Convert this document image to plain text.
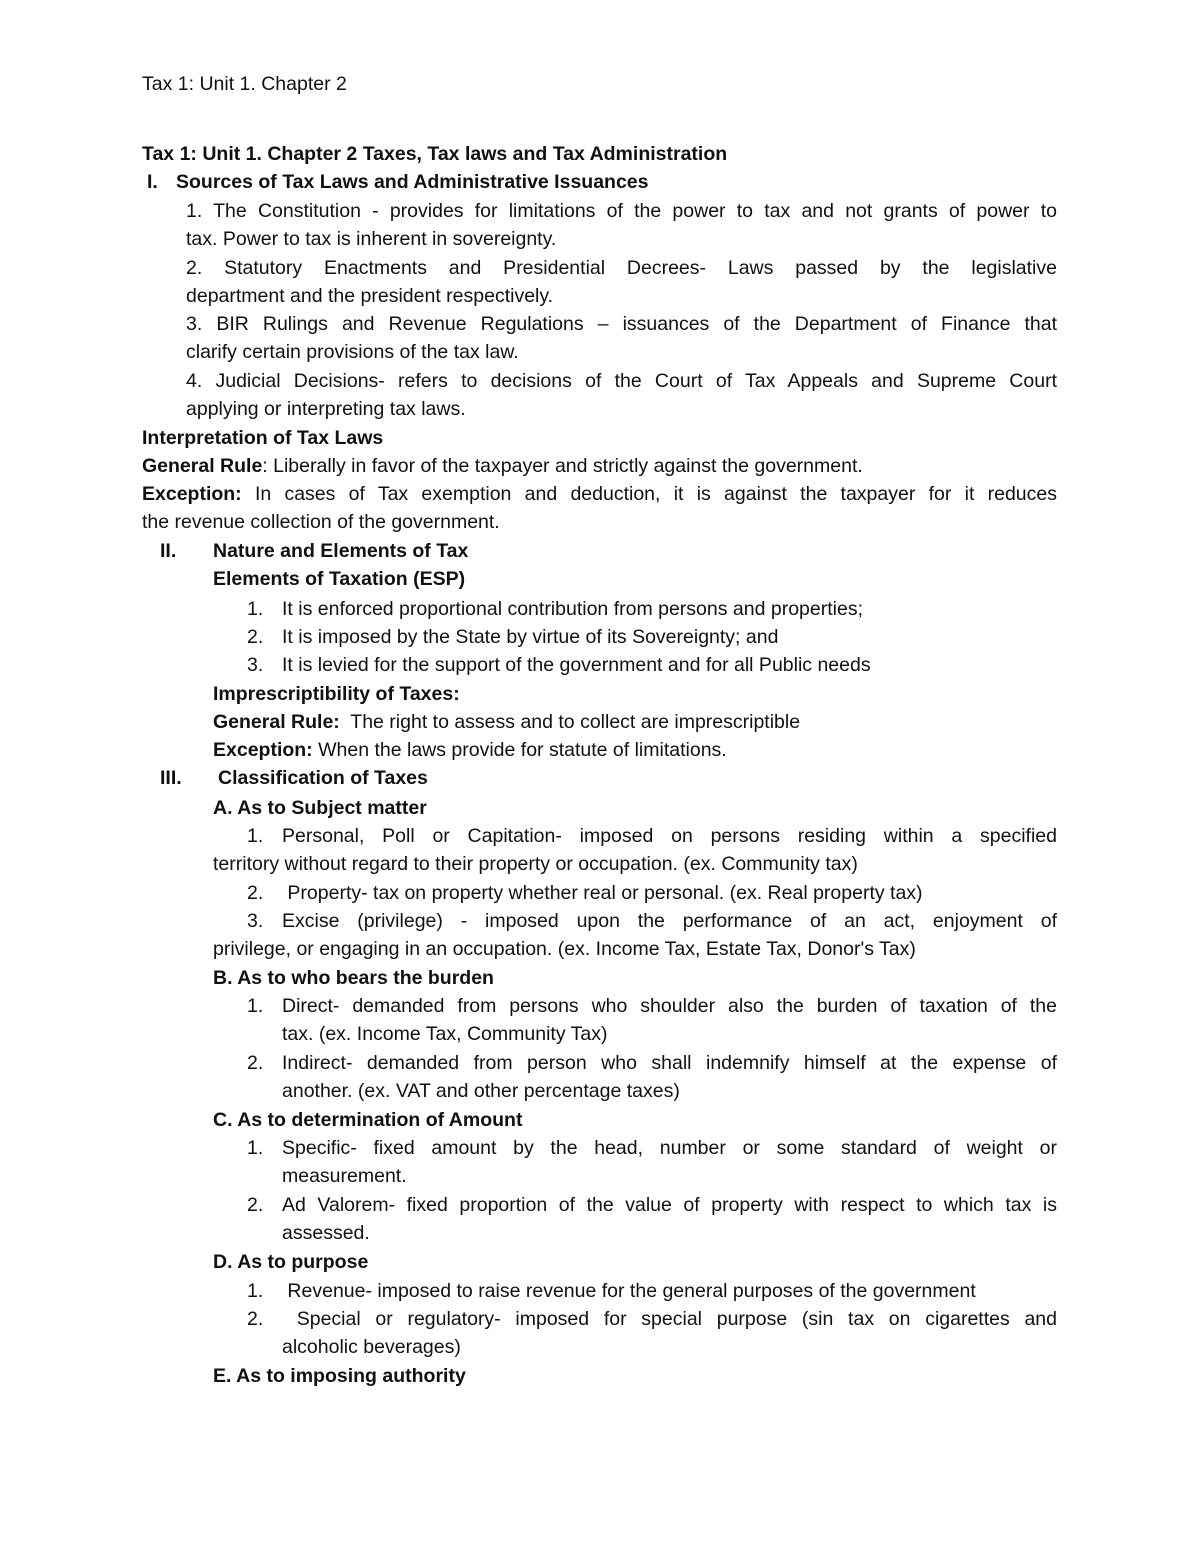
Tax 1: Unit 1. Chapter 2
Tax 1: Unit 1. Chapter 2 Taxes, Tax laws and Tax Administration
I. Sources of Tax Laws and Administrative Issuances
1. The Constitution - provides for limitations of the power to tax and not grants of power to
tax. Power to tax is inherent in sovereignty.
2. Statutory Enactments and Presidential Decrees- Laws passed by the legislative
department and the president respectively.
3. BIR Rulings and Revenue Regulations – issuances of the Department of Finance that
clarify certain provisions of the tax law.
4. Judicial Decisions- refers to decisions of the Court of Tax Appeals and Supreme Court
applying or interpreting tax laws.
Interpretation of Tax Laws
General Rule: Liberally in favor of the taxpayer and strictly against the government.
Exception: In cases of Tax exemption and deduction, it is against the taxpayer for it reduces
the revenue collection of the government.
II. Nature and Elements of Tax
Elements of Taxation (ESP)
1. It is enforced proportional contribution from persons and properties;
2. It is imposed by the State by virtue of its Sovereignty; and
3. It is levied for the support of the government and for all Public needs
Imprescriptibility of Taxes:
General Rule:  The right to assess and to collect are imprescriptible
Exception: When the laws provide for statute of limitations.
III. Classification of Taxes
A. As to Subject matter
1. Personal, Poll or Capitation- imposed on persons residing within a specified
territory without regard to their property or occupation. (ex. Community tax)
2. Property- tax on property whether real or personal. (ex. Real property tax)
3. Excise (privilege) - imposed upon the performance of an act, enjoyment of
privilege, or engaging in an occupation. (ex. Income Tax, Estate Tax, Donor's Tax)
B. As to who bears the burden
1. Direct- demanded from persons who shoulder also the burden of taxation of the
tax. (ex. Income Tax, Community Tax)
2. Indirect- demanded from person who shall indemnify himself at the expense of
another. (ex. VAT and other percentage taxes)
C. As to determination of Amount
1. Specific- fixed amount by the head, number or some standard of weight or
measurement.
2. Ad Valorem- fixed proportion of the value of property with respect to which tax is
assessed.
D. As to purpose
1. Revenue- imposed to raise revenue for the general purposes of the government
2. Special or regulatory- imposed for special purpose (sin tax on cigarettes and
alcoholic beverages)
E. As to imposing authority
